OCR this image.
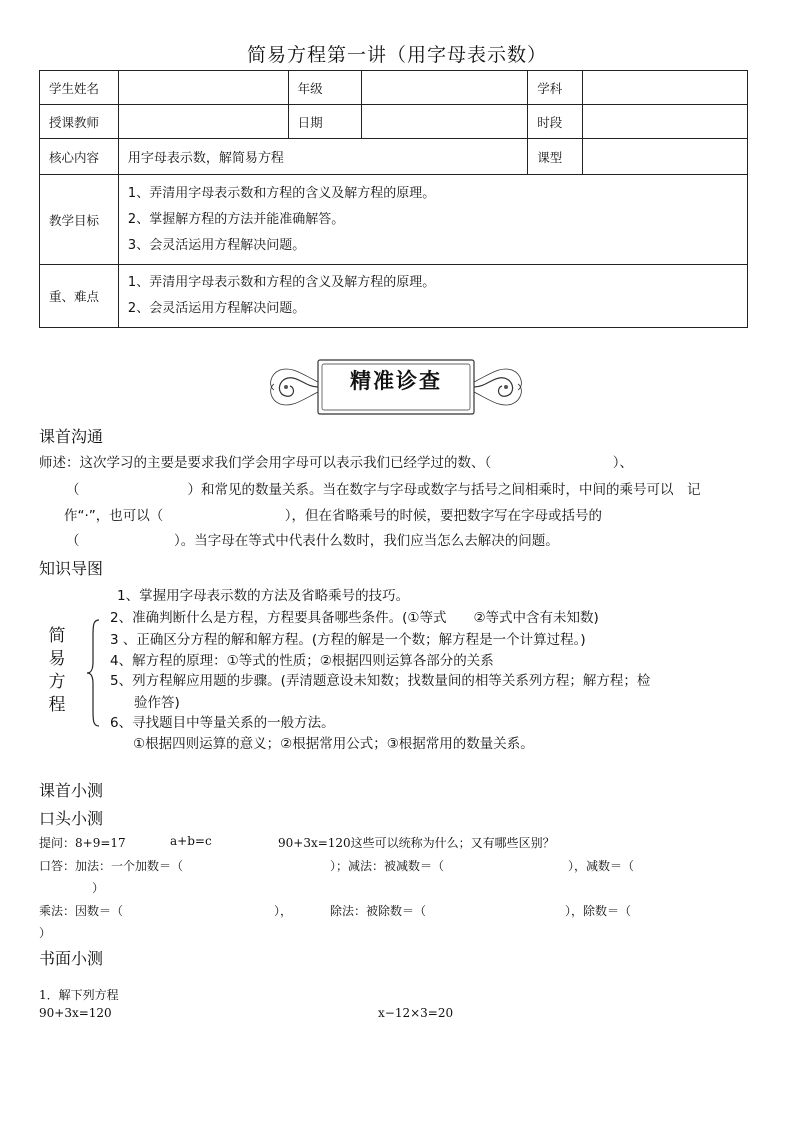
简易方程第一讲（用字母表示数）
学生姓名		年级		学科	
授课教师		日期		时段	
核心内容	用字母表示数，解简易方程			课型	
教学目标	1、弄清用字母表示数和方程的含义及解方程的原理。
2、掌握解方程的方法并能准确解答。
3、会灵活运用方程解决问题。				

重、难点	1、弄清用字母表示数和方程的含义及解方程的原理。
2、会灵活运用方程解决问题。				
精准诊查
课首沟通
师述：这次学习的主要是要求我们学会用字母可以表示我们已经学过的数、（　　　　　　　　　）、
（　　　　　　　　）和常见的数量关系。当在数字与字母或数字与括号之间相乘时，中间的乘号可以　记
作“·”，也可以（　　　　　　　　　），但在省略乘号的时候，要把数字写在字母或括号的
（　　　　　　　）。当字母在等式中代表什么数时，我们应当怎么去解决的问题。
知识导图
简
易
方
程
1、掌握用字母表示数的方法及省略乘号的技巧。
2、准确判断什么是方程，方程要具备哪些条件。(①等式　　②等式中含有未知数)
3 、正确区分方程的解和解方程。(方程的解是一个数；解方程是一个计算过程。)
4、解方程的原理：①等式的性质；②根据四则运算各部分的关系
5、列方程解应用题的步骤。(弄清题意设未知数；找数量间的相等关系列方程；解方程；检
验作答)
6、寻找题目中等量关系的一般方法。
①根据四则运算的意义；②根据常用公式；③根据常用的数量关系。
课首小测
口头小测
提问：8+9=17	a+b=c	90+3x=120这些可以统称为什么；又有哪些区别？
口答：加法：一个加数＝（	）；减法：被减数＝（	），减数＝（
）
乘法：因数＝（	），	除法：被除数＝（	），除数＝（
）
书面小测
1．解下列方程
90+3x=120	x−12×3=20
